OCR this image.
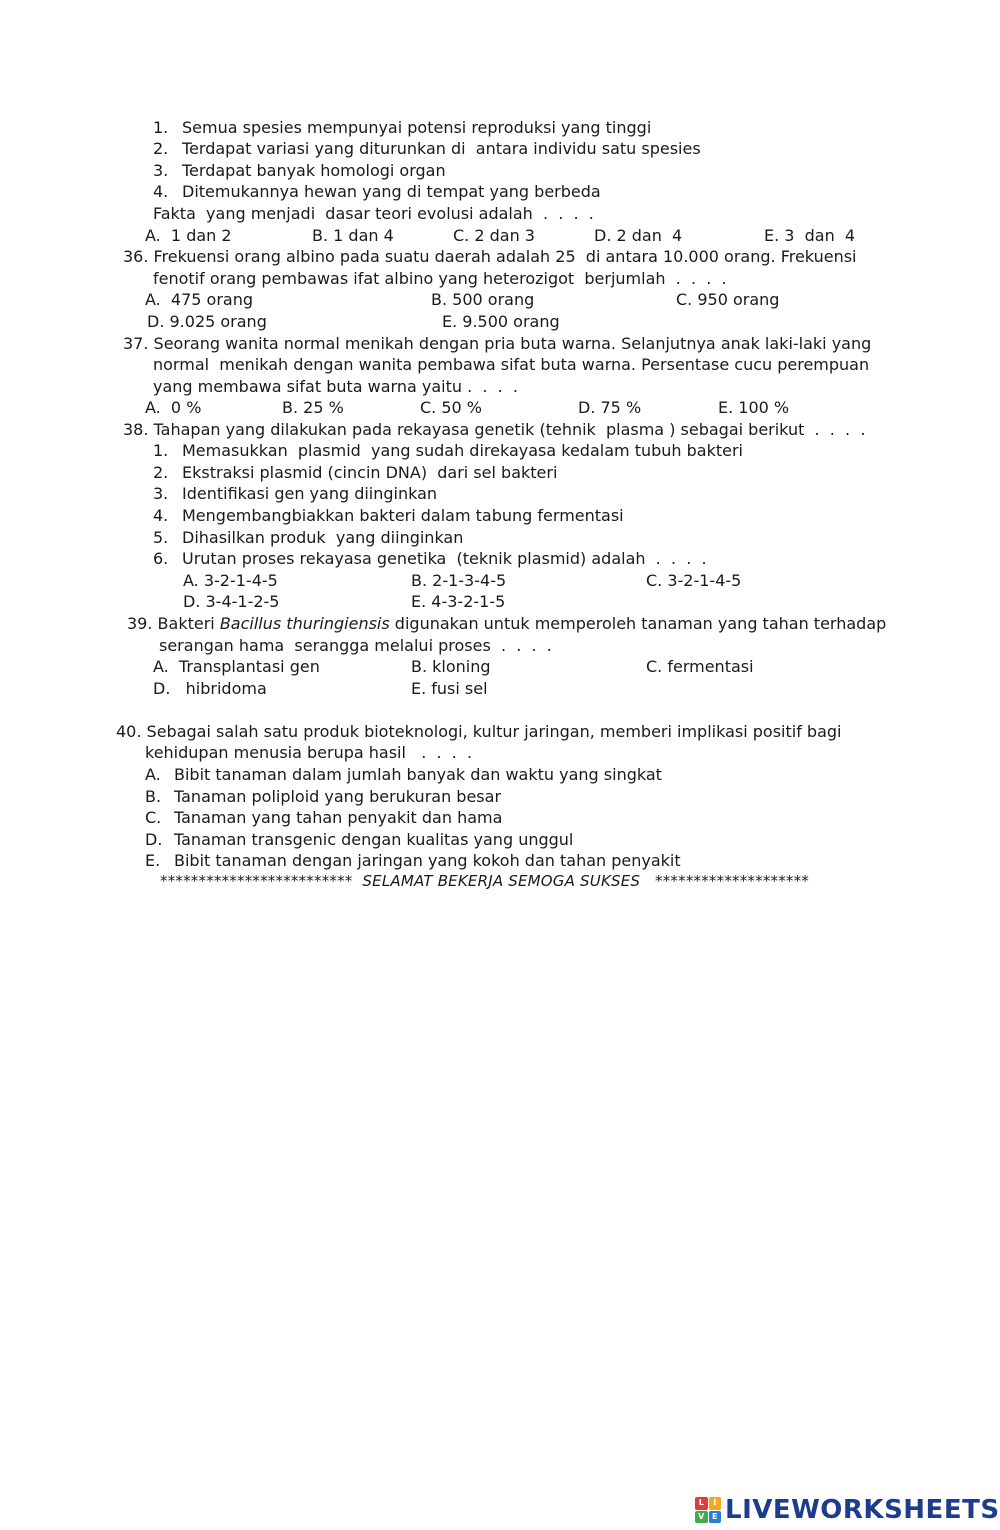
1. Semua spesies mempunyai potensi reproduksi yang tinggi
2. Terdapat variasi yang diturunkan di  antara individu satu spesies
3. Terdapat banyak homologi organ
4. Ditemukannya hewan yang di tempat yang berbeda
Fakta  yang menjadi  dasar teori evolusi adalah  .  .  .  .
A.  1 dan 2	B. 1 dan 4	C. 2 dan 3	D. 2 dan  4	E. 3  dan  4
36. Frekuensi orang albino pada suatu daerah adalah 25  di antara 10.000 orang. Frekuensi
fenotif orang pembawas ifat albino yang heterozigot  berjumlah  .  .  .  .
A.  475 orang	B. 500 orang	C. 950 orang
D. 9.025 orang	E. 9.500 orang
37. Seorang wanita normal menikah dengan pria buta warna. Selanjutnya anak laki-laki yang
normal  menikah dengan wanita pembawa sifat buta warna. Persentase cucu perempuan
yang membawa sifat buta warna yaitu .  .  .  .
A.  0 %	B. 25 %	C. 50 %	D. 75 %	E. 100 %
38. Tahapan yang dilakukan pada rekayasa genetik (tehnik  plasma ) sebagai berikut  .  .  .  .
1. Memasukkan  plasmid  yang sudah direkayasa kedalam tubuh bakteri
2. Ekstraksi plasmid (cincin DNA)  dari sel bakteri
3. Identifikasi gen yang diinginkan
4. Mengembangbiakkan bakteri dalam tabung fermentasi
5. Dihasilkan produk  yang diinginkan
6. Urutan proses rekayasa genetika  (teknik plasmid) adalah  .  .  .  .
A. 3-2-1-4-5	B. 2-1-3-4-5	C. 3-2-1-4-5
D. 3-4-1-2-5	E. 4-3-2-1-5
39. Bakteri Bacillus thuringiensis digunakan untuk memperoleh tanaman yang tahan terhadap
serangan hama  serangga melalui proses  .  .  .  .
A.  Transplantasi gen	B. kloning	C. fermentasi
D.   hibridoma	E. fusi sel
40. Sebagai salah satu produk bioteknologi, kultur jaringan, memberi implikasi positif bagi
kehidupan menusia berupa hasil   .  .  .  .
A. Bibit tanaman dalam jumlah banyak dan waktu yang singkat
B. Tanaman poliploid yang berukuran besar
C. Tanaman yang tahan penyakit dan hama
D. Tanaman transgenic dengan kualitas yang unggul
E. Bibit tanaman dengan jaringan yang kokoh dan tahan penyakit
*************************  SELAMAT BEKERJA SEMOGA SUKSES   ********************
L	I
V E LIVEWORKSHEETS
